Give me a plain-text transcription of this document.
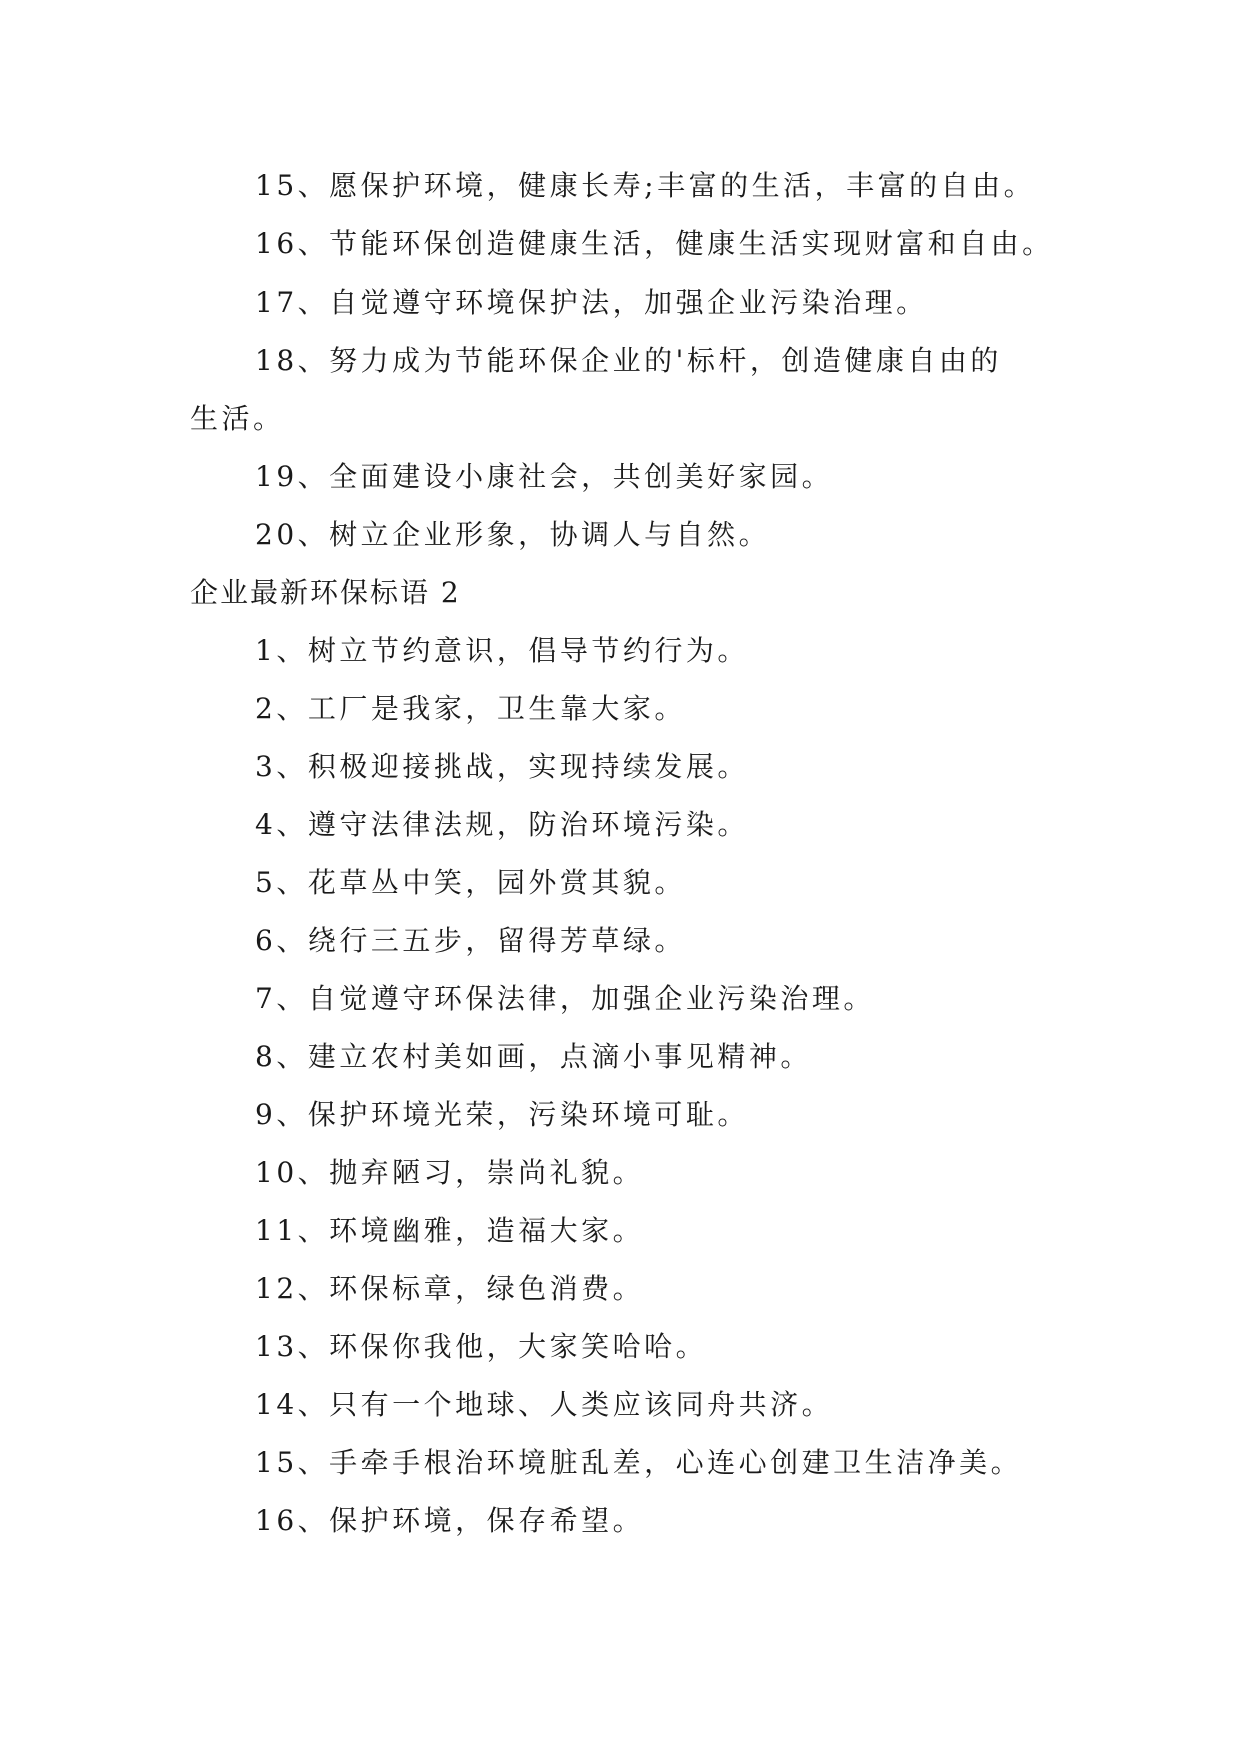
15、愿保护环境，健康长寿;丰富的生活，丰富的自由。
16、节能环保创造健康生活，健康生活实现财富和自由。
17、自觉遵守环境保护法，加强企业污染治理。
18、努力成为节能环保企业的'标杆，创造健康自由的
生活。
19、全面建设小康社会，共创美好家园。
20、树立企业形象，协调人与自然。
企业最新环保标语 2
1、树立节约意识，倡导节约行为。
2、工厂是我家，卫生靠大家。
3、积极迎接挑战，实现持续发展。
4、遵守法律法规，防治环境污染。
5、花草丛中笑，园外赏其貌。
6、绕行三五步，留得芳草绿。
7、自觉遵守环保法律，加强企业污染治理。
8、建立农村美如画，点滴小事见精神。
9、保护环境光荣，污染环境可耻。
10、抛弃陋习，崇尚礼貌。
11、环境幽雅，造福大家。
12、环保标章，绿色消费。
13、环保你我他，大家笑哈哈。
14、只有一个地球、人类应该同舟共济。
15、手牵手根治环境脏乱差，心连心创建卫生洁净美。
16、保护环境，保存希望。
